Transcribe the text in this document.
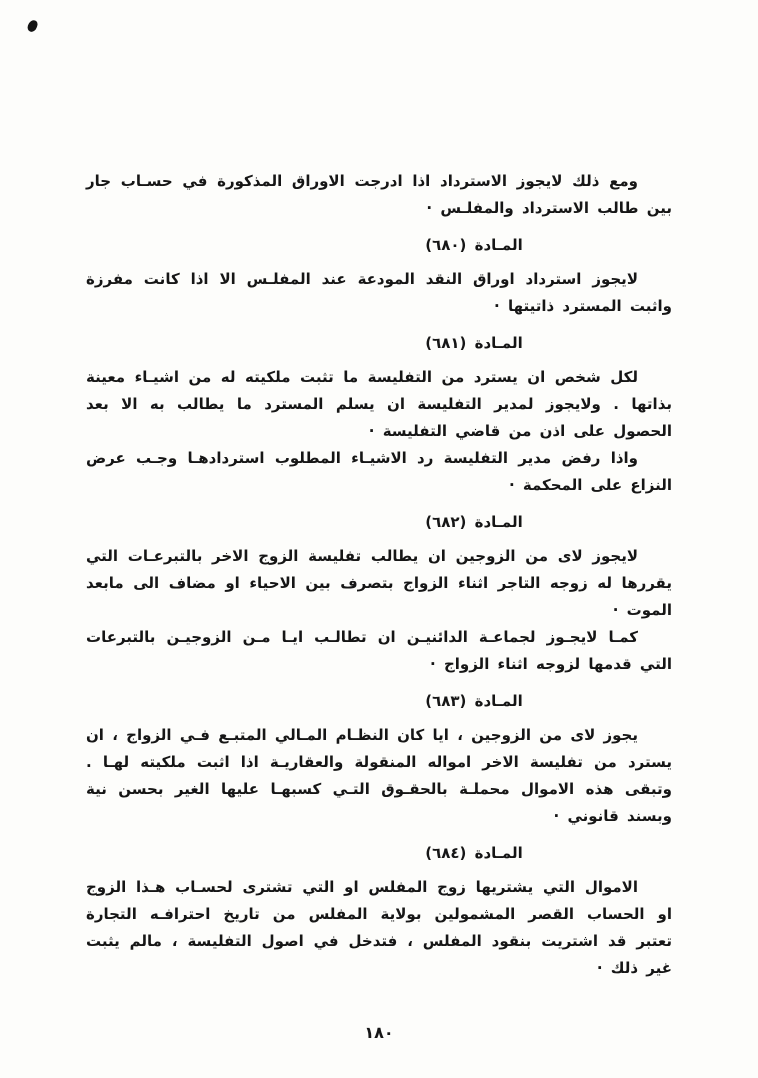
ومع ذلك لايجوز الاسترداد اذا ادرجت الاوراق المذكورة في حسـاب جار بين طالب الاسترداد والمفلـس ·

المـادة (٦٨٠)

لايجوز استرداد اوراق النقد المودعة عند المفلـس الا اذا كانت مفرزة واثبت المسترد ذاتيتها ·

المـادة (٦٨١)

لكل شخص ان يسترد من التفليسة ما تثبت ملكيته له من اشيـاء معينة بذاتها . ولايجوز لمدير التفليسة ان يسلم المسترد ما يطالب به الا بعد الحصول على اذن من قاضي التفليسة ·

واذا رفض مدير التفليسة رد الاشيـاء المطلوب استردادهـا وجـب عرض النزاع على المحكمة ·

المـادة (٦٨٢)

لايجوز لاى من الزوجين ان يطالب تفليسة الزوج الاخر بالتبرعـات التي يقررها له زوجه التاجر اثناء الزواج بتصرف بين الاحياء او مضاف الى مابعد الموت ·

كمـا لايجـوز لجماعـة الدائنيـن ان تطالـب ايـا مـن الزوجيـن بالتبرعات التي قدمها لزوجه اثناء الزواج ·

المـادة (٦٨٣)

يجوز لاى من الزوجين ، ايا كان النظـام المـالي المتبـع فـي الزواج ، ان يسترد من تفليسة الاخر امواله المنقولة والعقاريـة اذا اثبت ملكيته لهـا . وتبقى هذه الاموال محملـة بالحقـوق التـي كسبهـا عليها الغير بحسن نية وبسند قانوني ·

المـادة (٦٨٤)

الاموال التي يشتريها زوج المفلس او التي تشترى لحسـاب هـذا الزوج او الحساب القصر المشمولين بولاية المفلس من تاريخ احترافـه التجارة تعتبر قد اشتريت بنقود المفلس ، فتدخل في اصول التفليسة ، مالم يثبت غير ذلك ·

١٨٠
